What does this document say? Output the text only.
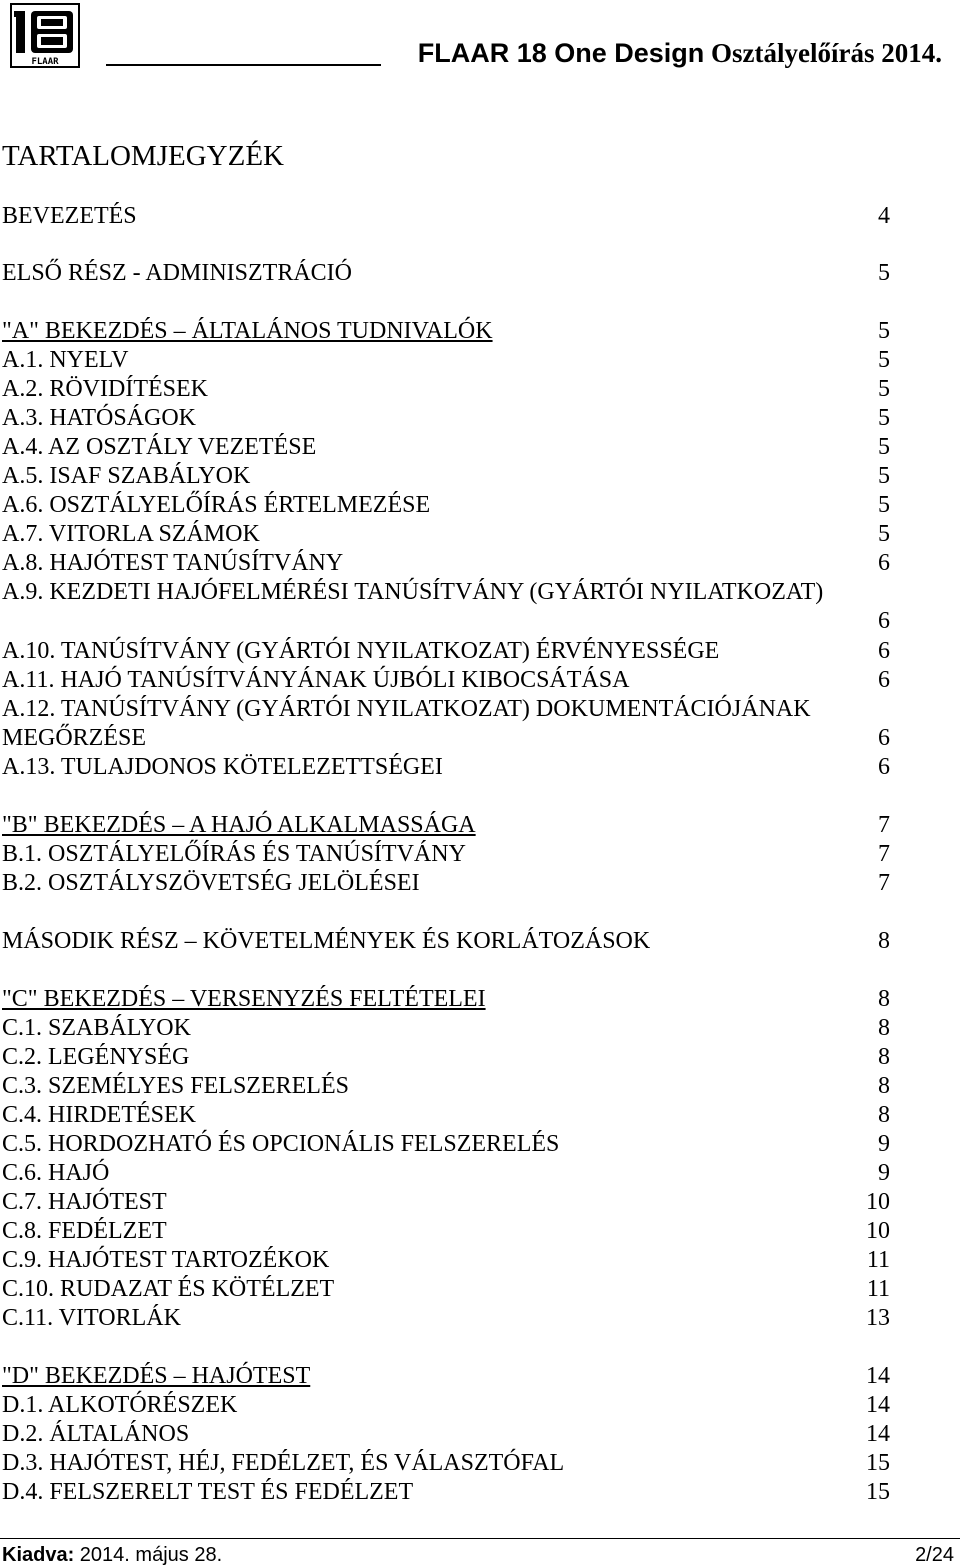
FLAAR	FLAAR 18 One Design Osztályelőírás 2014.
TARTALOMJEGYZÉK
BEVEZETÉS	4
ELSŐ RÉSZ - ADMINISZTRÁCIÓ	5
"A" BEKEZDÉS – ÁLTALÁNOS TUDNIVALÓK	5
A.1. NYELV	5
A.2. RÖVIDÍTÉSEK	5
A.3. HATÓSÁGOK	5
A.4. AZ OSZTÁLY VEZETÉSE	5
A.5. ISAF SZABÁLYOK	5
A.6. OSZTÁLYELŐÍRÁS ÉRTELMEZÉSE	5
A.7. VITORLA SZÁMOK	5
A.8. HAJÓTEST TANÚSÍTVÁNY	6
A.9. KEZDETI HAJÓFELMÉRÉSI TANÚSÍTVÁNY (GYÁRTÓI NYILATKOZAT)
6
A.10. TANÚSÍTVÁNY (GYÁRTÓI NYILATKOZAT) ÉRVÉNYESSÉGE	6
A.11. HAJÓ TANÚSÍTVÁNYÁNAK ÚJBÓLI KIBOCSÁTÁSA	6
A.12. TANÚSÍTVÁNY (GYÁRTÓI NYILATKOZAT) DOKUMENTÁCIÓJÁNAK
MEGŐRZÉSE	6
A.13. TULAJDONOS KÖTELEZETTSÉGEI	6
"B" BEKEZDÉS – A HAJÓ ALKALMASSÁGA	7
B.1. OSZTÁLYELŐÍRÁS ÉS TANÚSÍTVÁNY	7
B.2. OSZTÁLYSZÖVETSÉG JELÖLÉSEI	7
MÁSODIK RÉSZ – KÖVETELMÉNYEK ÉS KORLÁTOZÁSOK	8
"C" BEKEZDÉS – VERSENYZÉS FELTÉTELEI	8
C.1. SZABÁLYOK	8
C.2. LEGÉNYSÉG	8
C.3. SZEMÉLYES FELSZERELÉS	8
C.4. HIRDETÉSEK	8
C.5. HORDOZHATÓ ÉS OPCIONÁLIS FELSZERELÉS	9
C.6. HAJÓ	9
C.7. HAJÓTEST	10
C.8. FEDÉLZET	10
C.9. HAJÓTEST TARTOZÉKOK	11
C.10. RUDAZAT ÉS KÖTÉLZET	11
C.11. VITORLÁK	13
"D" BEKEZDÉS – HAJÓTEST	14
D.1. ALKOTÓRÉSZEK	14
D.2. ÁLTALÁNOS	14
D.3. HAJÓTEST, HÉJ, FEDÉLZET, ÉS VÁLASZTÓFAL	15
D.4. FELSZERELT TEST ÉS FEDÉLZET	15
Kiadva: 2014. május 28.	2/24
